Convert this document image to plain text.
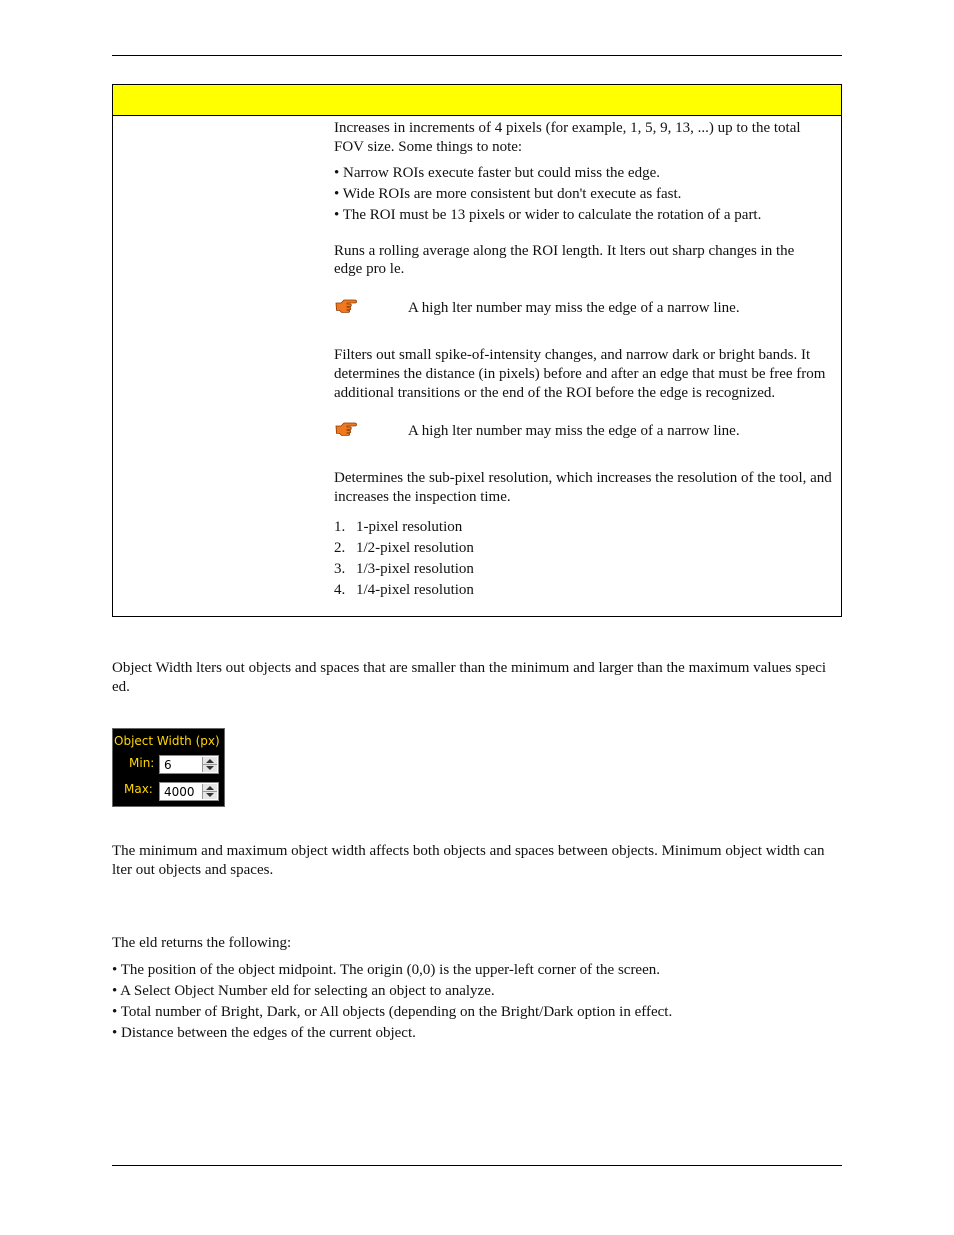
Increases in increments of 4 pixels (for example, 1, 5, 9, 13, ...) up to the total FOV size. Some things to note:
• Narrow ROIs execute faster but could miss the edge.
• Wide ROIs are more consistent but don't execute as fast.
• The ROI must be 13 pixels or wider to calculate the rotation of a part.
Runs a rolling average along the ROI length. It lters out sharp changes in the
edge pro le.
A high lter number may miss the edge of a narrow line.
Filters out small spike-of-intensity changes, and narrow dark or bright bands. It determines the distance (in pixels) before and after an edge that must be free from additional transitions or the end of the ROI before the edge is recognized.
A high lter number may miss the edge of a narrow line.
Determines the sub-pixel resolution, which increases the resolution of the tool, and increases the inspection time.
1. 1-pixel resolution
2. 1/2-pixel resolution
3. 1/3-pixel resolution
4. 1/4-pixel resolution
Object Width lters out objects and spaces that are smaller than the minimum and larger than the maximum values speci ed.
Object Width (px)
Min: 6
Max: 4000
The minimum and maximum object width affects both objects and spaces between objects. Minimum object width can lter out objects and spaces.
The eld returns the following:
• The position of the object midpoint. The origin (0,0) is the upper-left corner of the screen.
• A Select Object Number eld for selecting an object to analyze.
• Total number of Bright, Dark, or All objects (depending on the Bright/Dark option in effect.
• Distance between the edges of the current object.
